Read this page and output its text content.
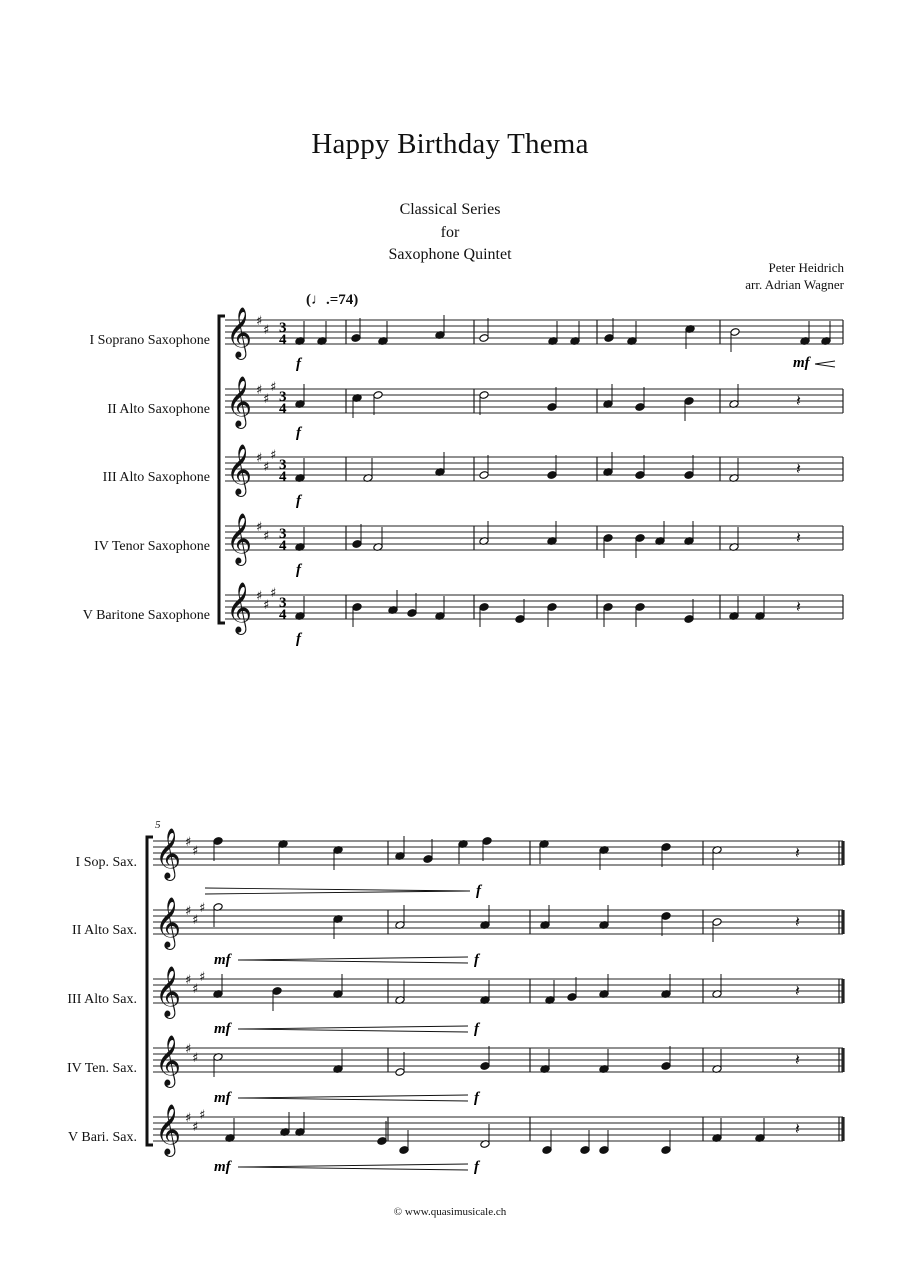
Happy Birthday Thema
Classical Series
for
Saxophone Quintet
Peter Heidrich
arr. Adrian Wagner
(♩.=74)
I Soprano Saxophone
II Alto Saxophone
III Alto Saxophone
IV Tenor Saxophone
V Baritone Saxophone
5
I Sop. Sax.
II Alto Sax.
III Alto Sax.
IV Ten. Sax.
V Bari. Sax.
𝄞 ♯
♯ 3
4
f
𝄞 ♯
♯
♯
3
4	𝄽
f
𝄞 ♯
♯
♯
3
4	𝄽
f
𝄞 ♯
♯ 3
4	𝄽
f
𝄞 ♯
♯
♯
3
4	𝄽
f
mf
𝄞 ♯
♯	𝄽
f
𝄞 ♯
♯
♯
𝄽
mf	f
𝄞 ♯
♯
♯
𝄽
mf	f
𝄞 ♯
♯	𝄽
mf	f
𝄞 ♯
♯
♯
𝄽
mf	f
© www.quasimusicale.ch
